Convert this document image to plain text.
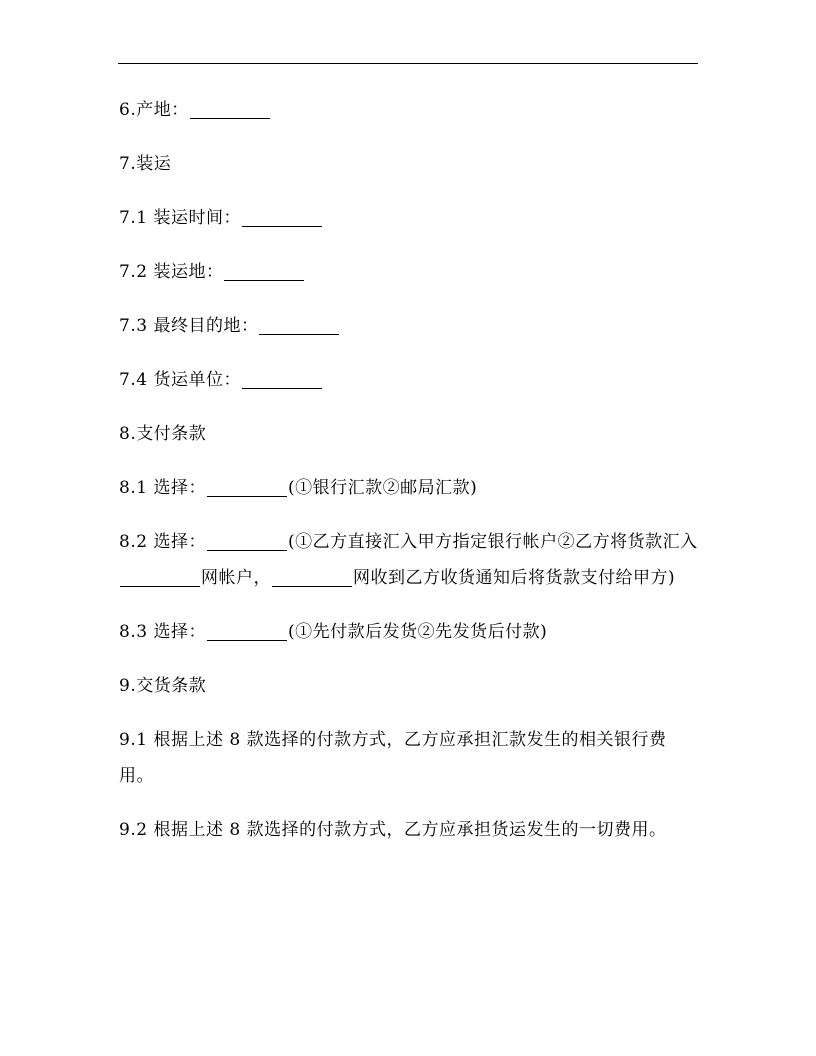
6.产地：

7.装运

7.1 装运时间：

7.2 装运地：

7.3 最终目的地：

7.4 货运单位：

8.支付条款

8.1 选择：	(①银行汇款②邮局汇款)

8.2 选择：	(①乙方直接汇入甲方指定银行帐户②乙方将货款汇入网帐户，	网收到乙方收货通知后将货款支付给甲方)

8.3 选择：	(①先付款后发货②先发货后付款)

9.交货条款

9.1 根据上述 8 款选择的付款方式，乙方应承担汇款发生的相关银行费用。

9.2 根据上述 8 款选择的付款方式，乙方应承担货运发生的一切费用。
